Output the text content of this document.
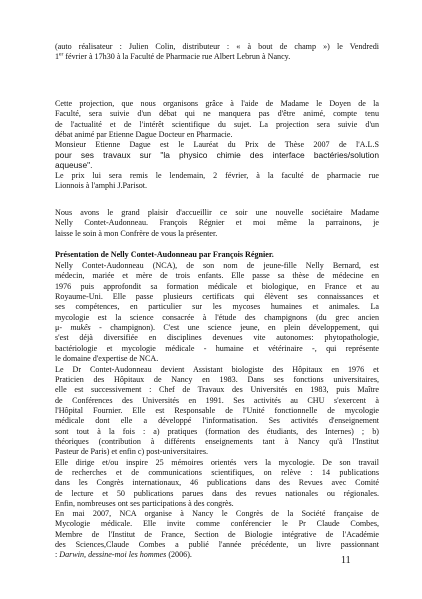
(auto réalisateur : Julien Colin, distributeur : « à bout de champ ») le Vendredi
1er février à 17h30 à la Faculté de Pharmacie rue Albert Lebrun à Nancy.

Cette projection, que nous organisons grâce à l'aide de Madame le Doyen de la
Faculté, sera suivie d'un débat qui ne manquera pas d'être animé, compte tenu
de l'actualité et de l'intérêt scientifique du sujet. La projection sera suivie d'un
débat animé par Etienne Dague Docteur en Pharmacie.
Monsieur Etienne Dague est le Lauréat du Prix de Thèse 2007 de l'A.L.S

pour ses travaux sur "la physico chimie des interface bactéries/solution
aqueuse".

Le prix lui sera remis le lendemain, 2 février, à la faculté de pharmacie rue
Lionnois à l'amphi J.Parisot.

Nous avons le grand plaisir d'accueillir ce soir une nouvelle sociétaire Madame
Nelly Contet-Audonneau. François Régnier et moi même la parrainons, je
laisse le soin à mon Confrère de vous la présenter.

Présentation de Nelly Contet-Audonneau par François Régnier.

Nelly Contet-Audonneau (NCA), de son nom de jeune-fille Nelly Bernard, est
médecin, mariée et mère de trois enfants. Elle passe sa thèse de médecine en
1976 puis approfondit sa formation médicale et biologique, en France et au
Royaume-Uni. Elle passe plusieurs certificats qui élèvent ses connaissances et
ses compétences, en particulier sur les mycoses humaines et animales. La
mycologie est la science consacrée à l'étude des champignons (du grec ancien
μ- mukês - champignon). C'est une science jeune, en plein développement, qui
s'est déjà diversifiée en disciplines devenues vite autonomes: phytopathologie,
bactériologie et mycologie médicale - humaine et vétérinaire -, qui représente
le domaine d'expertise de NCA.

Le Dr Contet-Audonneau devient Assistant biologiste des Hôpitaux en 1976 et
Praticien des Hôpitaux de Nancy en 1983. Dans ses fonctions universitaires,
elle est successivement : Chef de Travaux des Universités en 1983, puis Maître
de Conférences des Universités en 1991. Ses activités au CHU s'exercent à
l'Hôpital Fournier. Elle est Responsable de l'Unité fonctionnelle de mycologie
médicale dont elle a développé l'informatisation. Ses activités d'enseignement
sont tout à la fois : a) pratiques (formation des étudiants, des Internes) ; b)
théoriques (contribution à différents enseignements tant à Nancy qu'à l'Institut
Pasteur de Paris) et enfin c) post-universitaires.

Elle dirige et/ou inspire 25 mémoires orientés vers la mycologie. De son travail
de recherches et de communications scientifiques, on relève : 14 publications
dans les Congrès internationaux, 46 publications dans des Revues avec Comité
de lecture et 50 publications parues dans des revues nationales ou régionales.
Enfin, nombreuses ont ses participations à des congrès.

En mai 2007, NCA organise à Nancy le Congrès de la Société française de
Mycologie médicale. Elle invite comme conférencier le Pr Claude Combes,
Membre de l'Institut de France, Section de Biologie intégrative de l'Académie
des Sciences,Claude Combes a publié l'année précédente, un livre passionnant
: Darwin, dessine-moi les hommes (2006).

11
